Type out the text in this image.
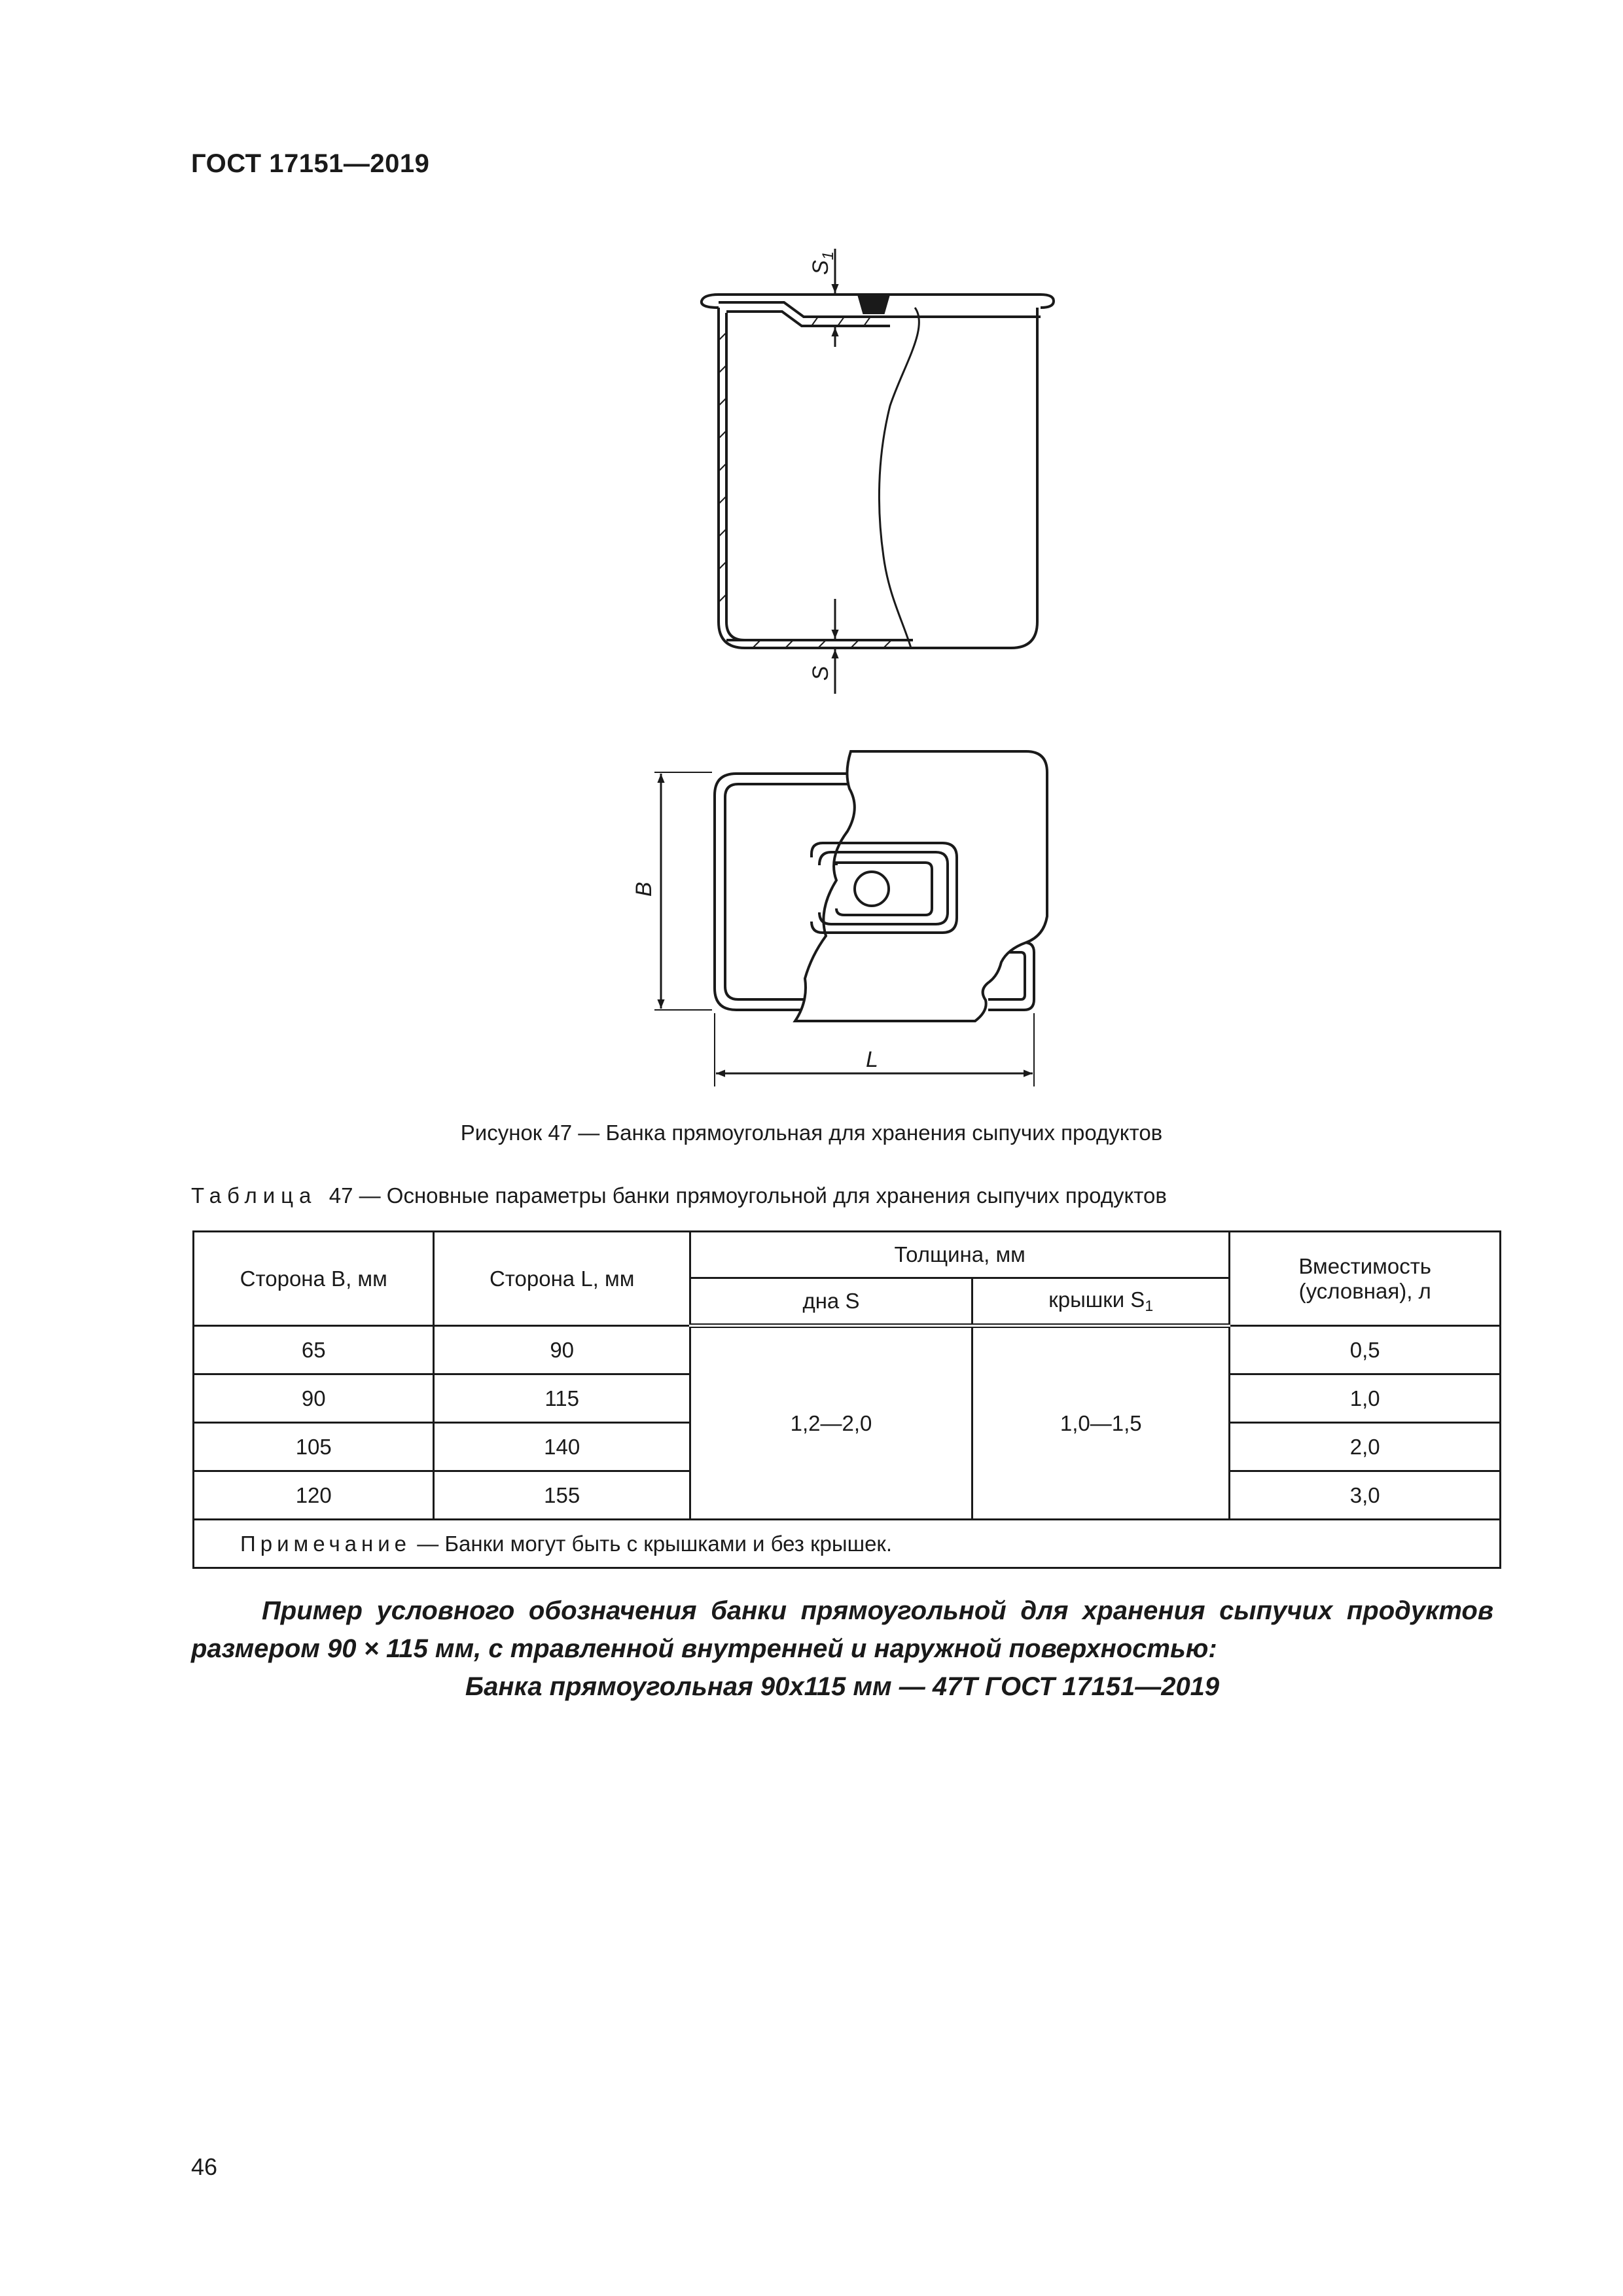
ГОСТ 17151—2019
$S_1$
S
B
L
Рисунок 47 — Банка прямоугольная для хранения сыпучих продуктов
Таблица 47 — Основные параметры банки прямоугольной для хранения сыпучих продуктов
Сторона B, мм	Сторона L, мм	Толщина, мм		Вместимость
(условная), л
		дна S	крышки $S_1$
65	90	1,2—2,0	1,0—1,5	0,5
90	115			1,0
105	140			2,0
120	155			3,0
Примечание — Банки могут быть с крышками и без крышек.				

Пример условного обозначения банки прямоугольной для хранения сыпучих продуктов

размером 90 × 115 мм, с травленной внутренней и наружной поверхностью:

Банка прямоугольная 90х115 мм — 47Т ГОСТ 17151—2019

46
